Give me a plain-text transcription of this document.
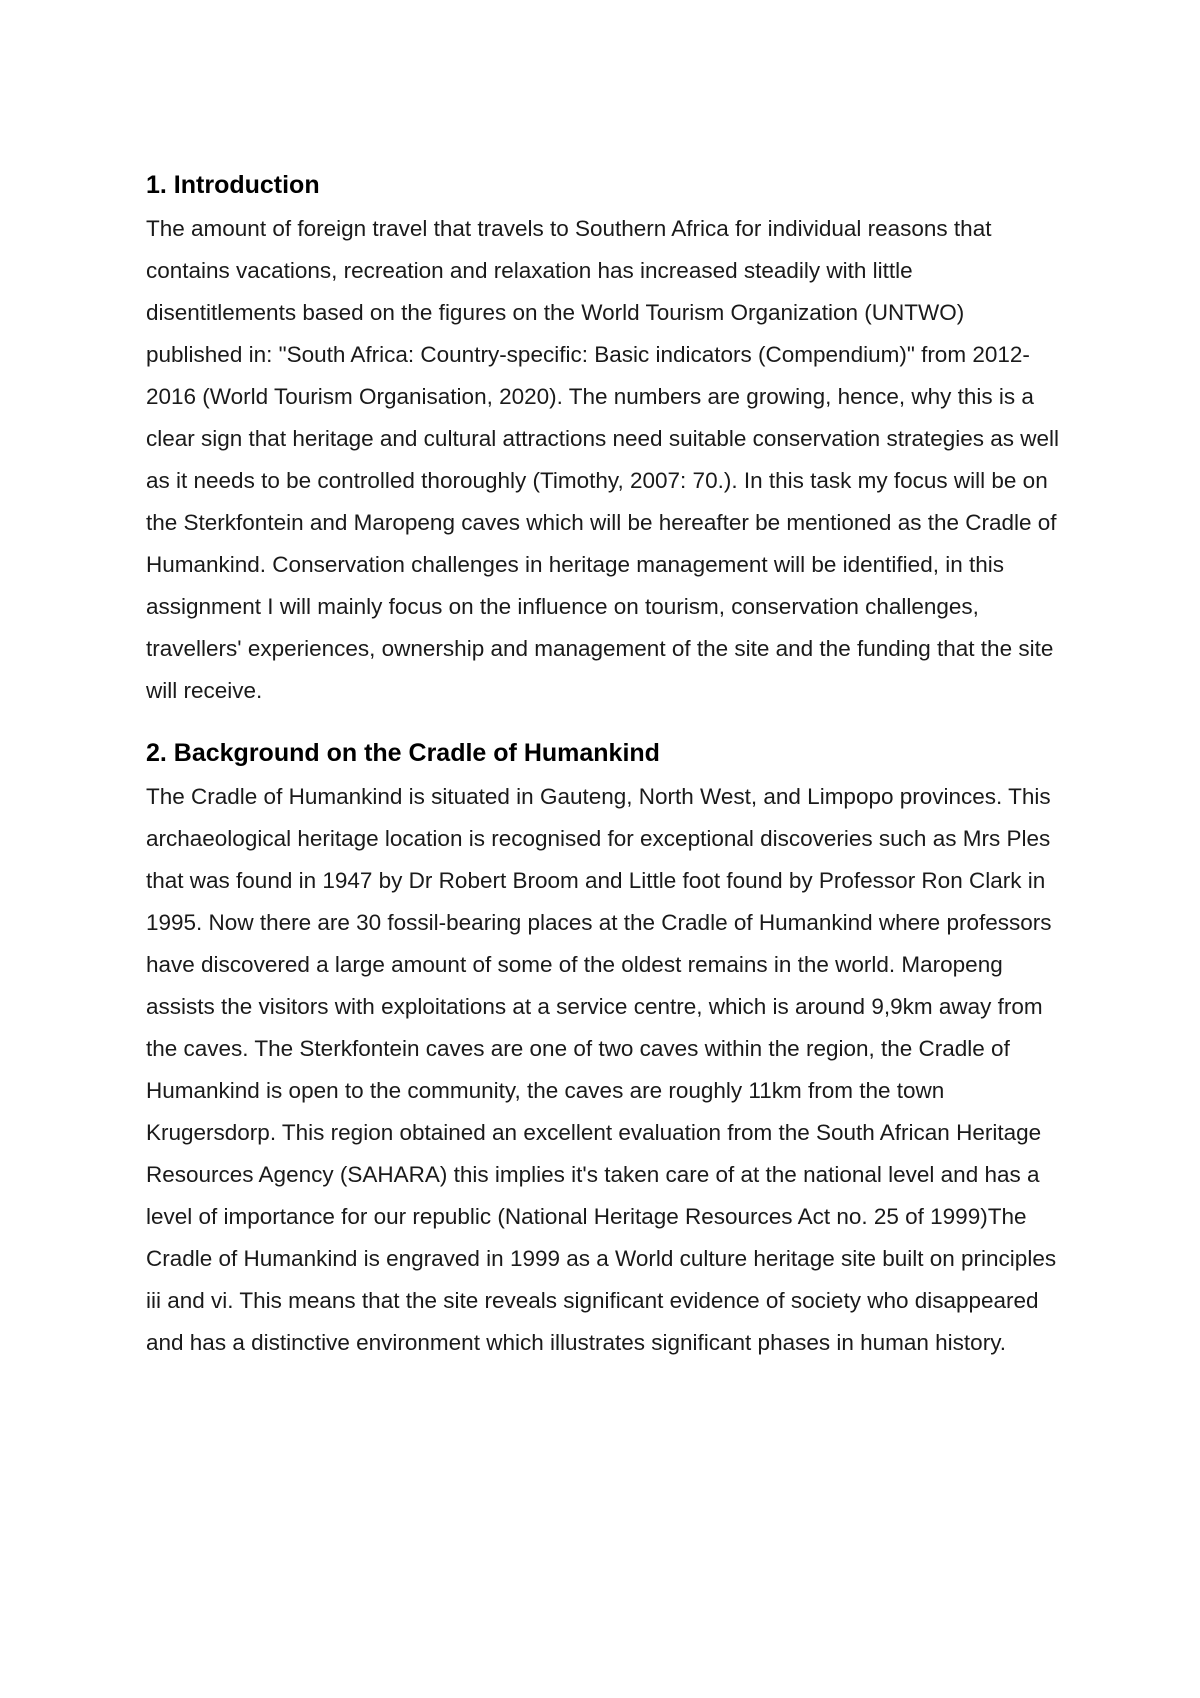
1. Introduction

The amount of foreign travel that travels to Southern Africa for individual reasons that contains vacations, recreation and relaxation has increased steadily with little disentitlements based on the figures on the World Tourism Organization (UNTWO) published in: "South Africa: Country-specific: Basic indicators (Compendium)" from 2012-2016 (World Tourism Organisation, 2020). The numbers are growing, hence, why this is a clear sign that heritage and cultural attractions need suitable conservation strategies as well as it needs to be controlled thoroughly (Timothy, 2007: 70.). In this task my focus will be on the Sterkfontein and Maropeng caves which will be hereafter be mentioned as the Cradle of Humankind. Conservation challenges in heritage management will be identified, in this assignment I will mainly focus on the influence on tourism, conservation challenges, travellers' experiences, ownership and management of the site and the funding that the site will receive.

2. Background on the Cradle of Humankind

The Cradle of Humankind is situated in Gauteng, North West, and Limpopo provinces. This archaeological heritage location is recognised for exceptional discoveries such as Mrs Ples that was found in 1947 by Dr Robert Broom and Little foot found by Professor Ron Clark in 1995. Now there are 30 fossil-bearing places at the Cradle of Humankind where professors have discovered a large amount of some of the oldest remains in the world. Maropeng assists the visitors with exploitations at a service centre, which is around 9,9km away from the caves. The Sterkfontein caves are one of two caves within the region, the Cradle of Humankind is open to the community, the caves are roughly 11km from the town Krugersdorp. This region obtained an excellent evaluation from the South African Heritage Resources Agency (SAHARA) this implies it's taken care of at the national level and has a level of importance for our republic (National Heritage Resources Act no. 25 of 1999)The Cradle of Humankind is engraved in 1999 as a World culture heritage site built on principles iii and vi. This means that the site reveals significant evidence of society who disappeared and has a distinctive environment which illustrates significant phases in human history.
